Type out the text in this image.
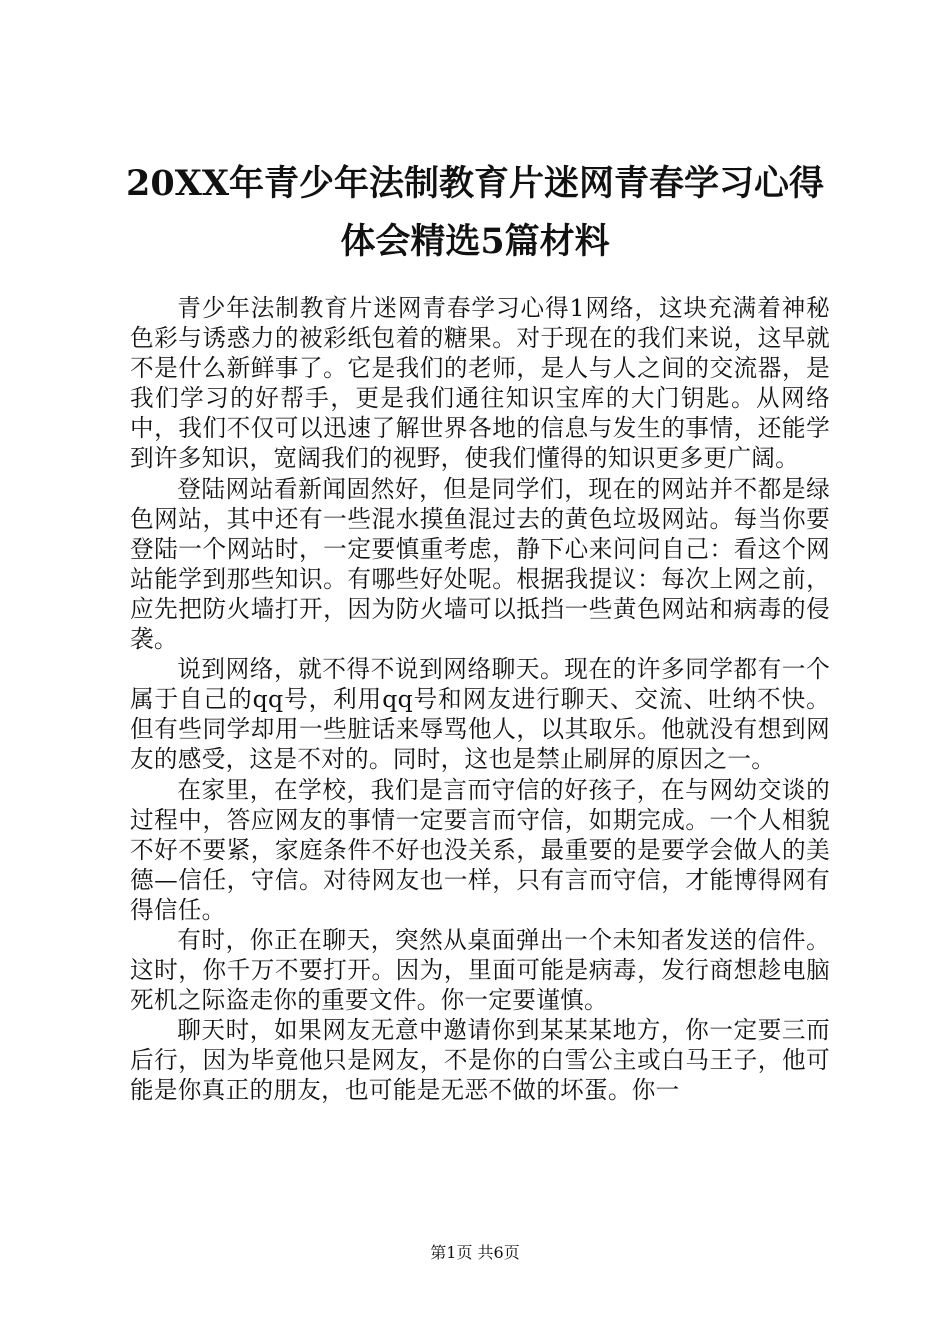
20XX年青少年法制教育片迷网青春学习心得
体会精选5篇材料

青少年法制教育片迷网青春学习心得1网络，这块充满着神秘色彩与诱惑力的被彩纸包着的糖果。对于现在的我们来说，这早就不是什么新鲜事了。它是我们的老师，是人与人之间的交流器，是我们学习的好帮手，更是我们通往知识宝库的大门钥匙。从网络中，我们不仅可以迅速了解世界各地的信息与发生的事情，还能学到许多知识，宽阔我们的视野，使我们懂得的知识更多更广阔。

登陆网站看新闻固然好，但是同学们，现在的网站并不都是绿色网站，其中还有一些混水摸鱼混过去的黄色垃圾网站。每当你要登陆一个网站时，一定要慎重考虑，静下心来问问自己：看这个网站能学到那些知识。有哪些好处呢。根据我提议：每次上网之前，应先把防火墙打开，因为防火墙可以抵挡一些黄色网站和病毒的侵袭。

说到网络，就不得不说到网络聊天。现在的许多同学都有一个属于自己的qq号，利用qq号和网友进行聊天、交流、吐纳不快。但有些同学却用一些脏话来辱骂他人，以其取乐。他就没有想到网友的感受，这是不对的。同时，这也是禁止刷屏的原因之一。

在家里，在学校，我们是言而守信的好孩子，在与网幼交谈的过程中，答应网友的事情一定要言而守信，如期完成。一个人相貌不好不要紧，家庭条件不好也没关系，最重要的是要学会做人的美德—信任，守信。对待网友也一样，只有言而守信，才能博得网有得信任。

有时，你正在聊天，突然从桌面弹出一个未知者发送的信件。这时，你千万不要打开。因为，里面可能是病毒，发行商想趁电脑死机之际盗走你的重要文件。你一定要谨慎。

聊天时，如果网友无意中邀请你到某某某地方，你一定要三而后行，因为毕竟他只是网友，不是你的白雪公主或白马王子，他可能是你真正的朋友，也可能是无恶不做的坏蛋。你一

第1页 共6页
